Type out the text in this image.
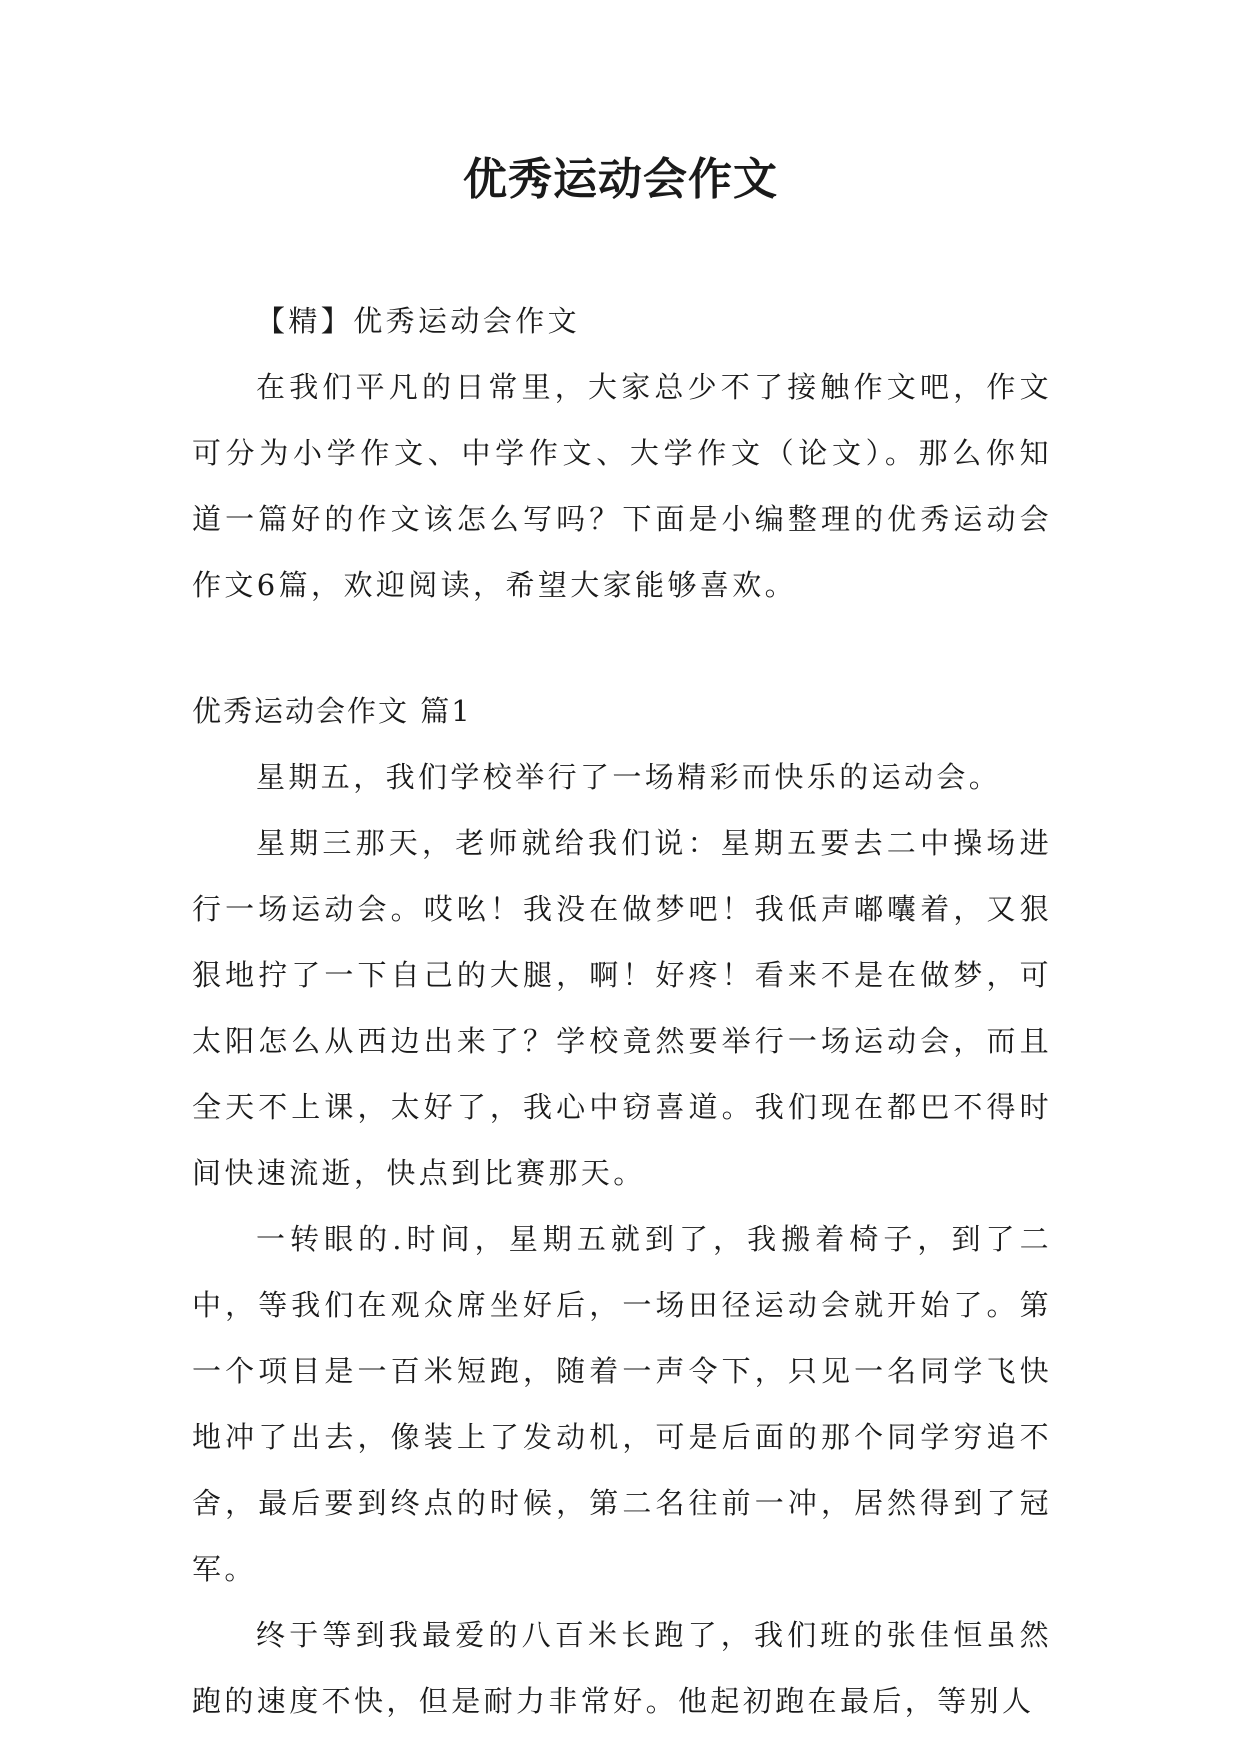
优秀运动会作文

【精】优秀运动会作文

在我们平凡的日常里，大家总少不了接触作文吧，作文可分为小学作文、中学作文、大学作文（论文）。那么你知道一篇好的作文该怎么写吗？下面是小编整理的优秀运动会作文6篇，欢迎阅读，希望大家能够喜欢。

优秀运动会作文 篇1

星期五，我们学校举行了一场精彩而快乐的运动会。

星期三那天，老师就给我们说：星期五要去二中操场进行一场运动会。哎吆！我没在做梦吧！我低声嘟囔着，又狠狠地拧了一下自己的大腿，啊！好疼！看来不是在做梦，可太阳怎么从西边出来了？学校竟然要举行一场运动会，而且全天不上课，太好了，我心中窃喜道。我们现在都巴不得时间快速流逝，快点到比赛那天。

一转眼的.时间，星期五就到了，我搬着椅子，到了二中，等我们在观众席坐好后，一场田径运动会就开始了。第一个项目是一百米短跑，随着一声令下，只见一名同学飞快地冲了出去，像装上了发动机，可是后面的那个同学穷追不舍，最后要到终点的时候，第二名往前一冲，居然得到了冠军。

终于等到我最爱的八百米长跑了，我们班的张佳恒虽然跑的速度不快，但是耐力非常好。他起初跑在最后，等别人
